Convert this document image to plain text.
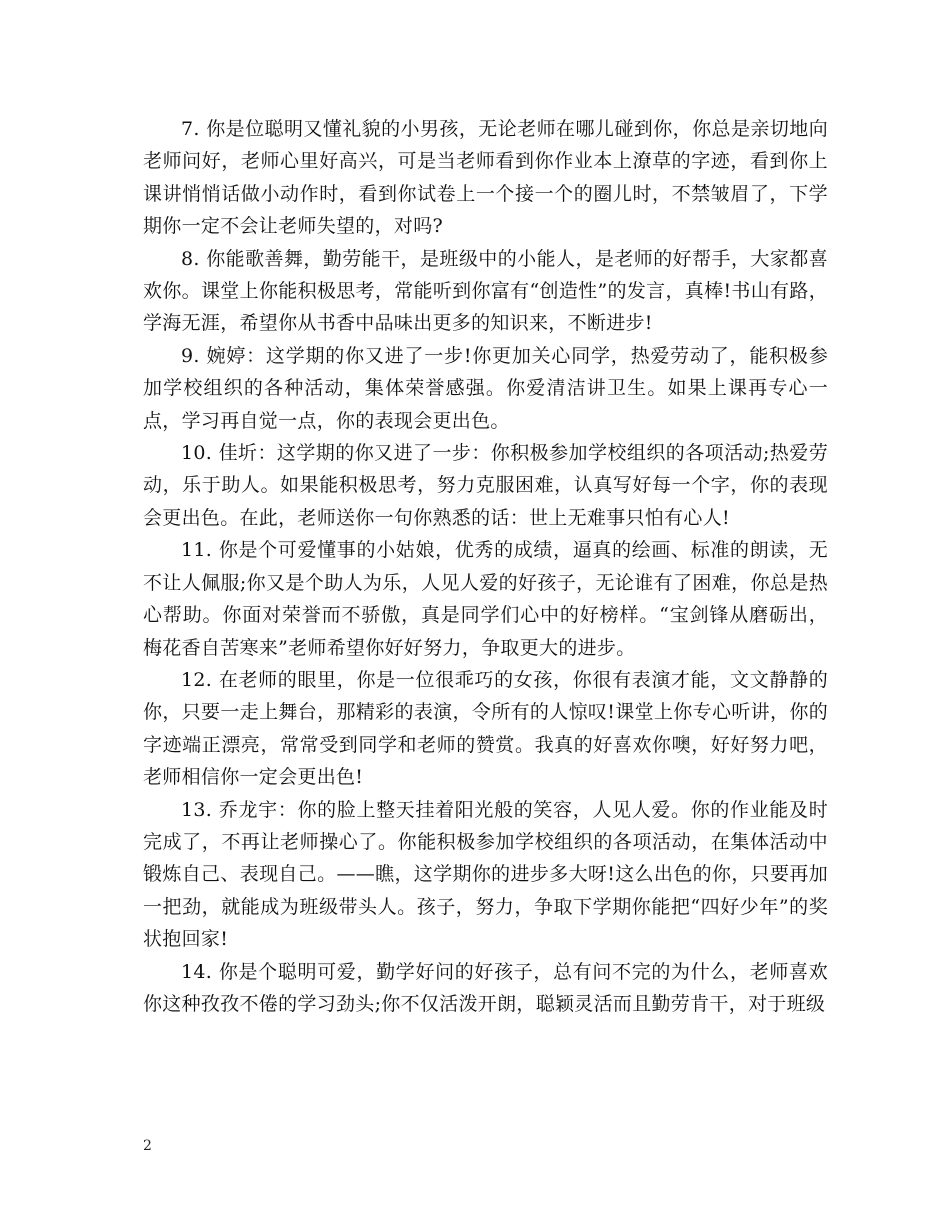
7. 你是位聪明又懂礼貌的小男孩，无论老师在哪儿碰到你，你总是亲切地向老师问好，老师心里好高兴，可是当老师看到你作业本上潦草的字迹，看到你上课讲悄悄话做小动作时，看到你试卷上一个接一个的圈儿时，不禁皱眉了，下学期你一定不会让老师失望的，对吗?

8. 你能歌善舞，勤劳能干，是班级中的小能人，是老师的好帮手，大家都喜欢你。课堂上你能积极思考，常能听到你富有“创造性”的发言，真棒!书山有路，学海无涯，希望你从书香中品味出更多的知识来，不断进步!

9. 婉婷：这学期的你又进了一步!你更加关心同学，热爱劳动了，能积极参加学校组织的各种活动，集体荣誉感强。你爱清洁讲卫生。如果上课再专心一点，学习再自觉一点，你的表现会更出色。

10. 佳圻：这学期的你又进了一步：你积极参加学校组织的各项活动;热爱劳动，乐于助人。如果能积极思考，努力克服困难，认真写好每一个字，你的表现会更出色。在此，老师送你一句你熟悉的话：世上无难事只怕有心人!

11. 你是个可爱懂事的小姑娘，优秀的成绩，逼真的绘画、标准的朗读，无不让人佩服;你又是个助人为乐，人见人爱的好孩子，无论谁有了困难，你总是热心帮助。你面对荣誉而不骄傲，真是同学们心中的好榜样。“宝剑锋从磨砺出，梅花香自苦寒来”老师希望你好好努力，争取更大的进步。

12. 在老师的眼里，你是一位很乖巧的女孩，你很有表演才能，文文静静的你，只要一走上舞台，那精彩的表演，令所有的人惊叹!课堂上你专心听讲，你的字迹端正漂亮，常常受到同学和老师的赞赏。我真的好喜欢你噢，好好努力吧，老师相信你一定会更出色!

13. 乔龙宇：你的脸上整天挂着阳光般的笑容，人见人爱。你的作业能及时完成了，不再让老师操心了。你能积极参加学校组织的各项活动，在集体活动中锻炼自己、表现自己。——瞧，这学期你的进步多大呀!这么出色的你，只要再加一把劲，就能成为班级带头人。孩子，努力，争取下学期你能把“四好少年”的奖状抱回家!

14. 你是个聪明可爱，勤学好问的好孩子，总有问不完的为什么，老师喜欢你这种孜孜不倦的学习劲头;你不仅活泼开朗，聪颖灵活而且勤劳肯干，对于班级

2
